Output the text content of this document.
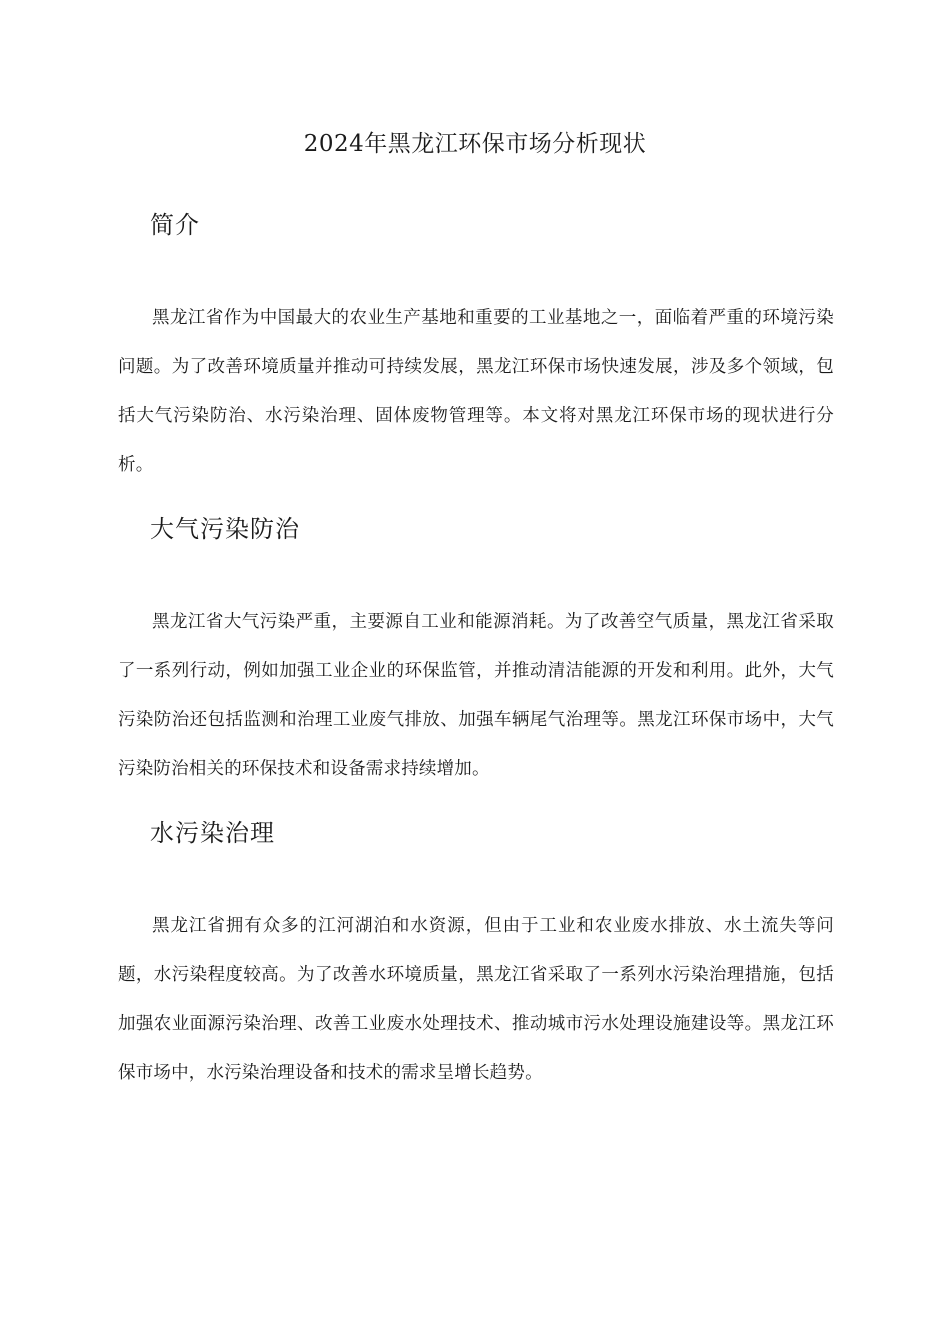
2024年黑龙江环保市场分析现状
简介

黑龙江省作为中国最大的农业生产基地和重要的工业基地之一，面临着严重的环境污染问题。为了改善环境质量并推动可持续发展，黑龙江环保市场快速发展，涉及多个领域，包括大气污染防治、水污染治理、固体废物管理等。本文将对黑龙江环保市场的现状进行分析。

大气污染防治

黑龙江省大气污染严重，主要源自工业和能源消耗。为了改善空气质量，黑龙江省采取了一系列行动，例如加强工业企业的环保监管，并推动清洁能源的开发和利用。此外，大气污染防治还包括监测和治理工业废气排放、加强车辆尾气治理等。黑龙江环保市场中，大气污染防治相关的环保技术和设备需求持续增加。

水污染治理

黑龙江省拥有众多的江河湖泊和水资源，但由于工业和农业废水排放、水土流失等问题，水污染程度较高。为了改善水环境质量，黑龙江省采取了一系列水污染治理措施，包括加强农业面源污染治理、改善工业废水处理技术、推动城市污水处理设施建设等。黑龙江环保市场中，水污染治理设备和技术的需求呈增长趋势。
